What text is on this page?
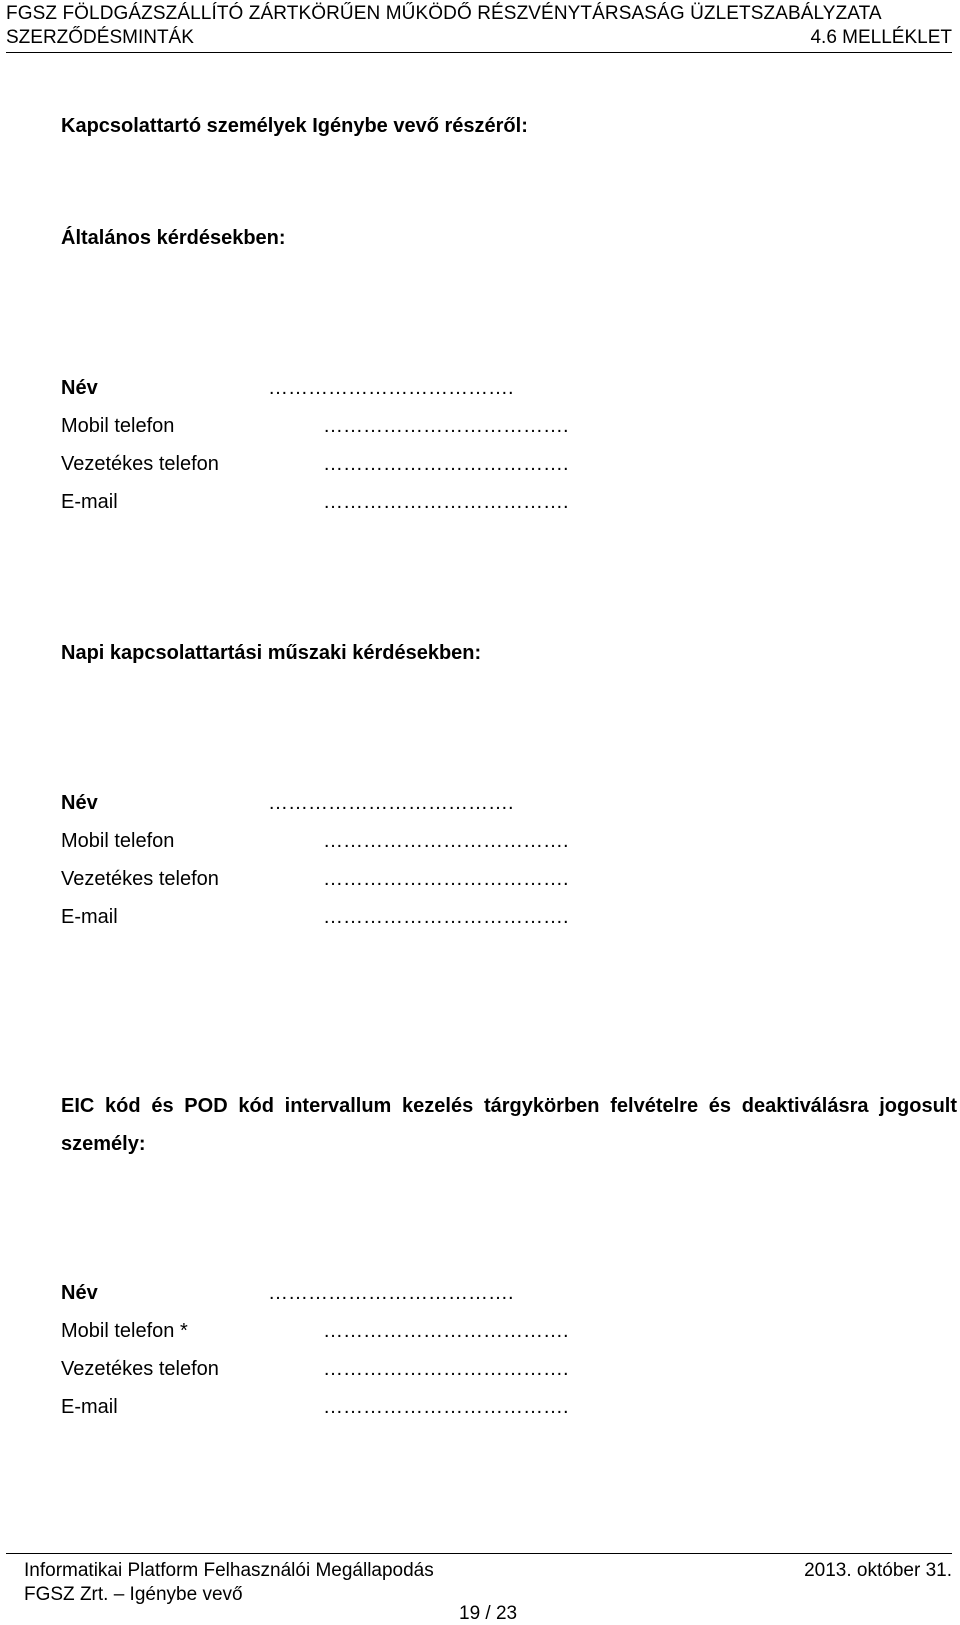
FGSZ FÖLDGÁZSZÁLLÍTÓ ZÁRTKÖRŰEN MŰKÖDŐ RÉSZVÉNYTÁRSASÁG ÜZLETSZABÁLYZATA
SZERZŐDÉSMINTÁK	4.6 MELLÉKLET
Kapcsolattartó személyek Igénybe vevő részéről:
Általános kérdésekben:
Név	……………………………….
Mobil telefon	……………………………….
Vezetékes telefon	……………………………….
E-mail	……………………………….
Napi kapcsolattartási műszaki kérdésekben:
Név	……………………………….
Mobil telefon	……………………………….
Vezetékes telefon	……………………………….
E-mail	……………………………….
EIC kód és POD kód intervallum kezelés tárgykörben felvételre és deaktiválásra jogosult személy:
Név	……………………………….
Mobil telefon *	……………………………….
Vezetékes telefon	……………………………….
E-mail	……………………………….
Informatikai Platform Felhasználói Megállapodás	2013. október 31.
FGSZ Zrt. – Igénybe vevő
19 / 23
